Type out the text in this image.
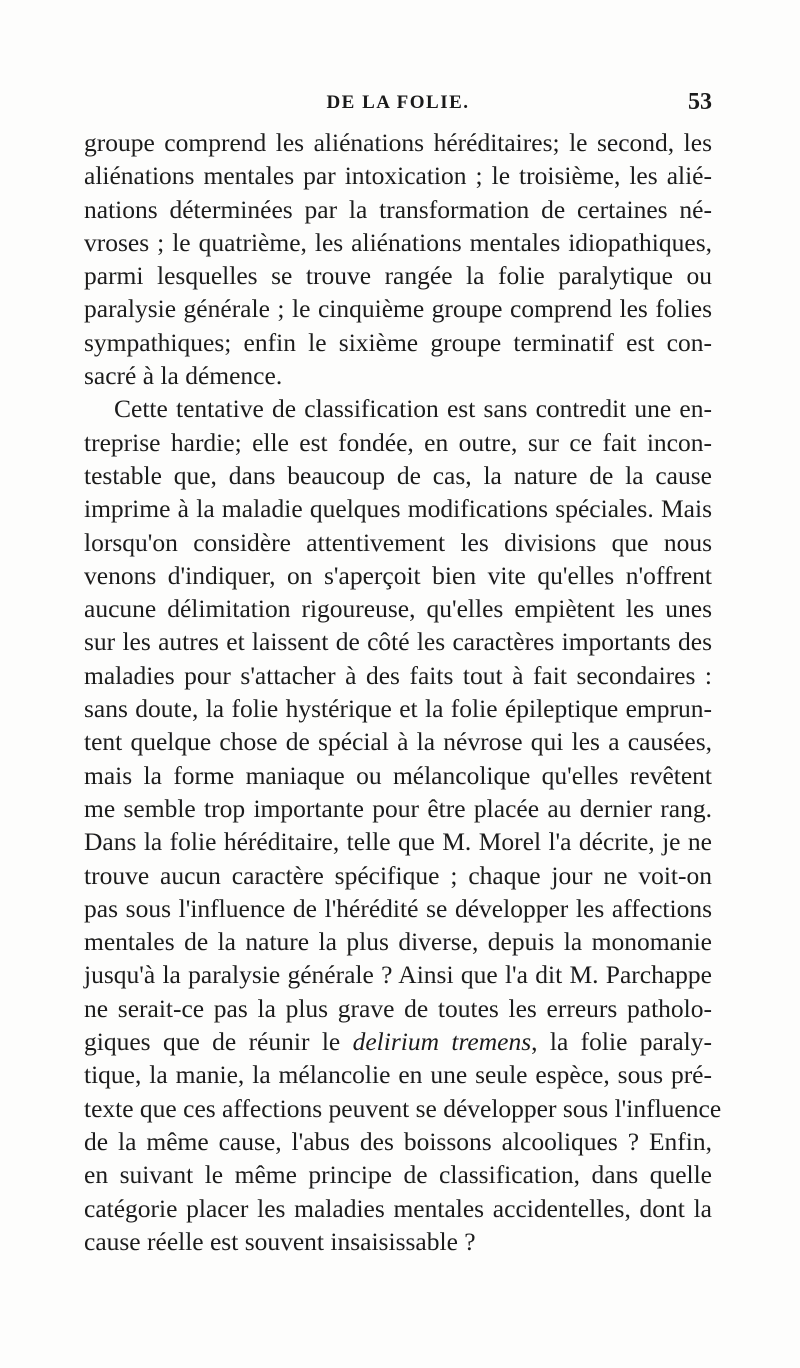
DE LA FOLIE.	53
groupe comprend les aliénations héréditaires; le second, les
aliénations mentales par intoxication ; le troisième, les alié-
nations déterminées par la transformation de certaines né-
vroses ; le quatrième, les aliénations mentales idiopathiques,
parmi lesquelles se trouve rangée la folie paralytique ou
paralysie générale ; le cinquième groupe comprend les folies
sympathiques; enfin le sixième groupe terminatif est con-
sacré à la démence.
Cette tentative de classification est sans contredit une en-
treprise hardie; elle est fondée, en outre, sur ce fait incon-
testable que, dans beaucoup de cas, la nature de la cause
imprime à la maladie quelques modifications spéciales. Mais
lorsqu'on considère attentivement les divisions que nous
venons d'indiquer, on s'aperçoit bien vite qu'elles n'offrent
aucune délimitation rigoureuse, qu'elles empiètent les unes
sur les autres et laissent de côté les caractères importants des
maladies pour s'attacher à des faits tout à fait secondaires :
sans doute, la folie hystérique et la folie épileptique emprun-
tent quelque chose de spécial à la névrose qui les a causées,
mais la forme maniaque ou mélancolique qu'elles revêtent
me semble trop importante pour être placée au dernier rang.
Dans la folie héréditaire, telle que M. Morel l'a décrite, je ne
trouve aucun caractère spécifique ; chaque jour ne voit-on
pas sous l'influence de l'hérédité se développer les affections
mentales de la nature la plus diverse, depuis la monomanie
jusqu'à la paralysie générale ? Ainsi que l'a dit M. Parchappe
ne serait-ce pas la plus grave de toutes les erreurs patholo-
giques que de réunir le delirium tremens, la folie paraly-
tique, la manie, la mélancolie en une seule espèce, sous pré-
texte que ces affections peuvent se développer sous l'influence
de la même cause, l'abus des boissons alcooliques ? Enfin,
en suivant le même principe de classification, dans quelle
catégorie placer les maladies mentales accidentelles, dont la
cause réelle est souvent insaisissable ?
